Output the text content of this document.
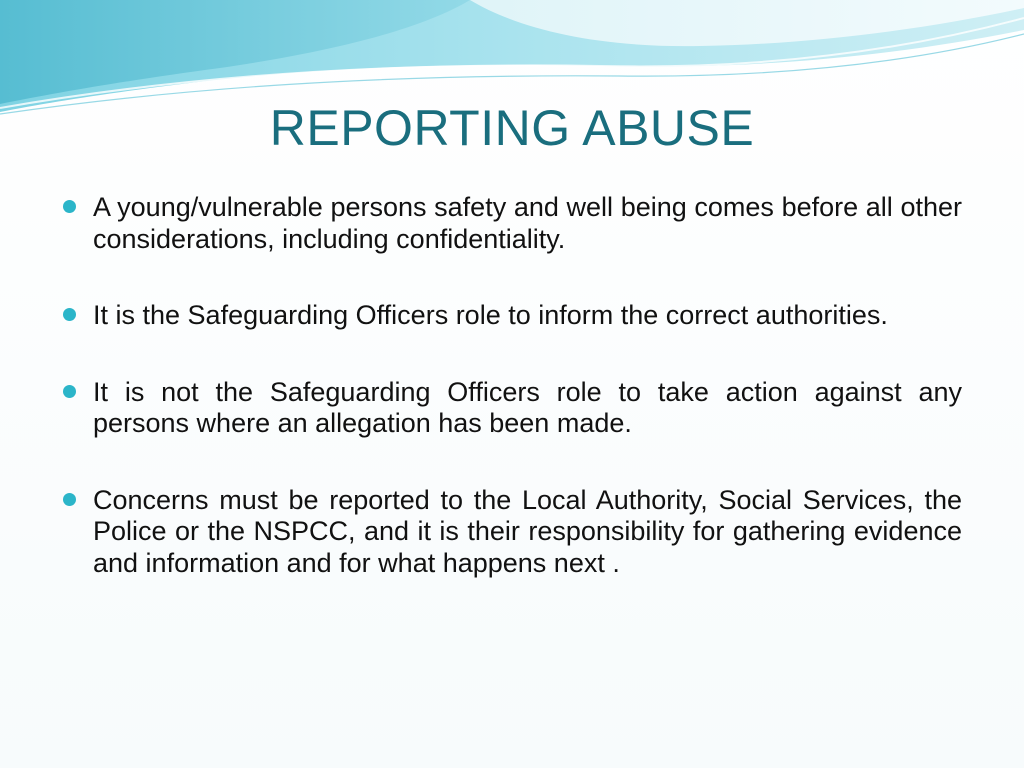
REPORTING ABUSE
A young/vulnerable persons safety and well being comes before all other considerations, including confidentiality.
It is the Safeguarding Officers role to inform the correct authorities.
It is not the Safeguarding Officers role to take action against any persons where an allegation has been made.
Concerns must be reported to the Local Authority, Social Services, the Police or the NSPCC, and it is their responsibility for gathering evidence and information and for what happens next .
